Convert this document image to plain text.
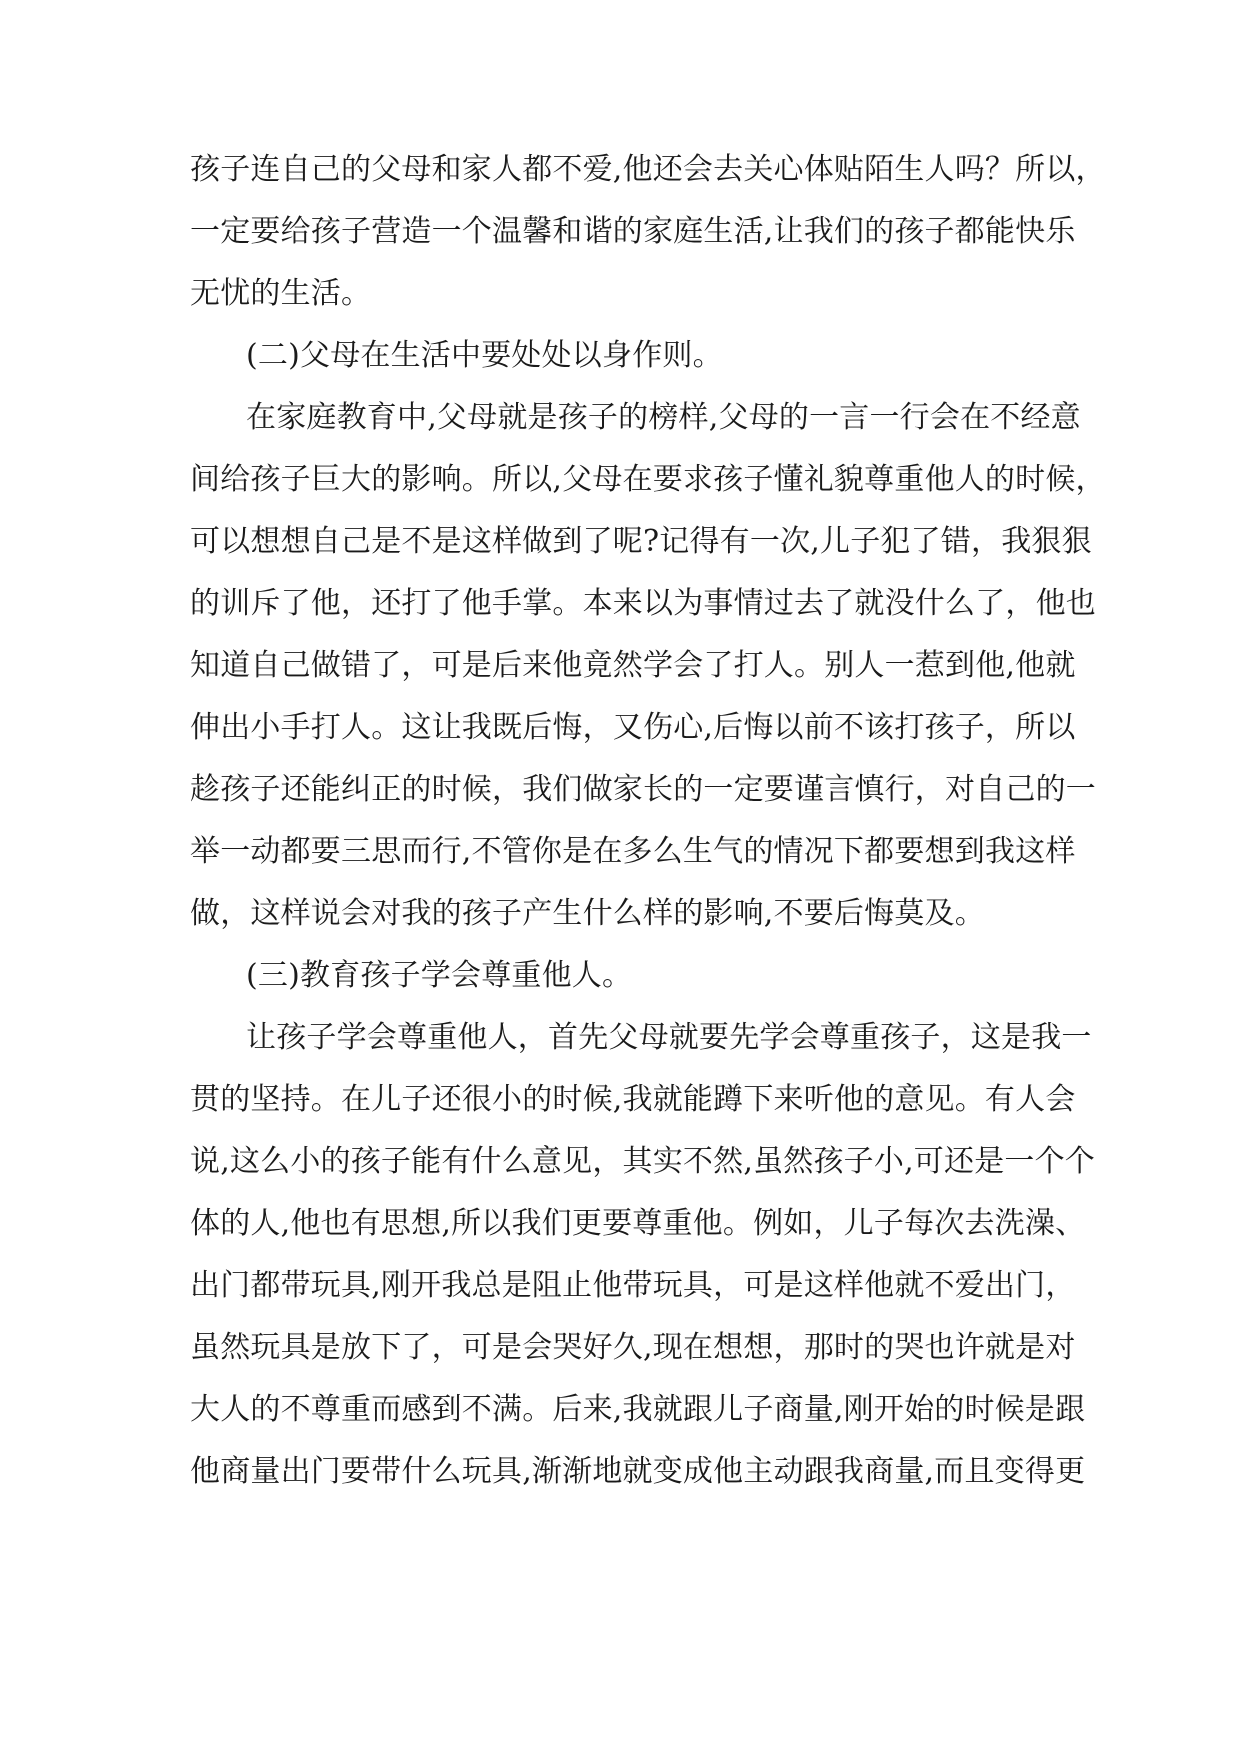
孩子连自己的父母和家人都不爱,他还会去关心体贴陌生人吗？所以，
一定要给孩子营造一个温馨和谐的家庭生活,让我们的孩子都能快乐
无忧的生活。
(二)父母在生活中要处处以身作则。
在家庭教育中,父母就是孩子的榜样,父母的一言一行会在不经意
间给孩子巨大的影响。所以,父母在要求孩子懂礼貌尊重他人的时候，
可以想想自己是不是这样做到了呢?记得有一次,儿子犯了错，我狠狠
的训斥了他，还打了他手掌。本来以为事情过去了就没什么了，他也
知道自己做错了，可是后来他竟然学会了打人。别人一惹到他,他就
伸出小手打人。这让我既后悔，又伤心,后悔以前不该打孩子，所以
趁孩子还能纠正的时候，我们做家长的一定要谨言慎行，对自己的一
举一动都要三思而行,不管你是在多么生气的情况下都要想到我这样
做，这样说会对我的孩子产生什么样的影响,不要后悔莫及。
(三)教育孩子学会尊重他人。
让孩子学会尊重他人，首先父母就要先学会尊重孩子，这是我一
贯的坚持。在儿子还很小的时候,我就能蹲下来听他的意见。有人会
说,这么小的孩子能有什么意见，其实不然,虽然孩子小,可还是一个个
体的人,他也有思想,所以我们更要尊重他。例如，儿子每次去洗澡、
出门都带玩具,刚开我总是阻止他带玩具，可是这样他就不爱出门，
虽然玩具是放下了，可是会哭好久,现在想想，那时的哭也许就是对
大人的不尊重而感到不满。后来,我就跟儿子商量,刚开始的时候是跟
他商量出门要带什么玩具,渐渐地就变成他主动跟我商量,而且变得更
